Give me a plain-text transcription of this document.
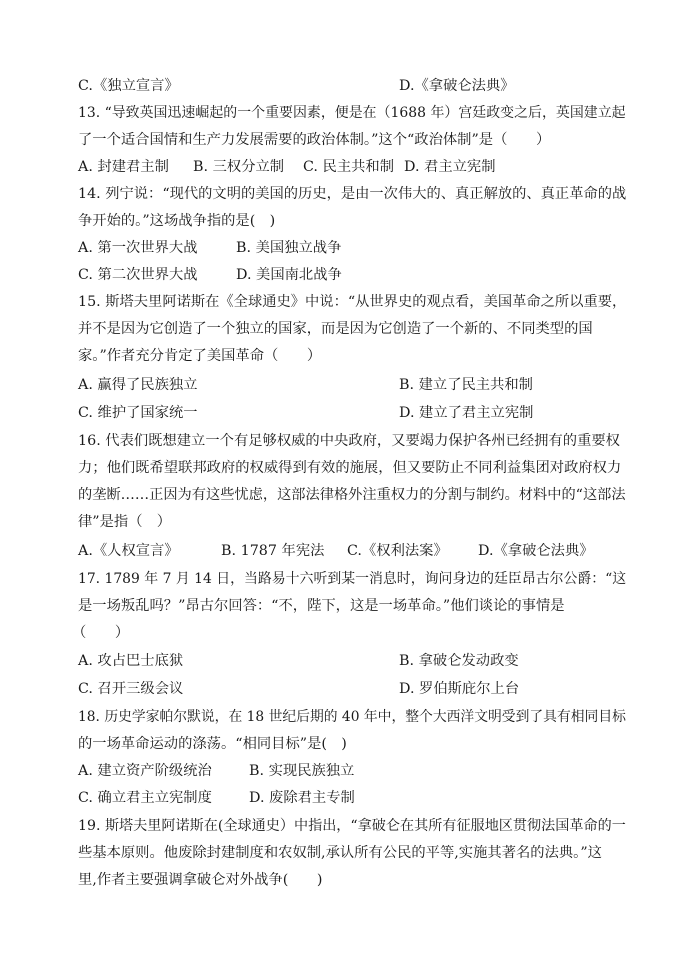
C.《独立宣言》	D.《拿破仑法典》
13. “导致英国迅速崛起的一个重要因素，便是在（1688 年）宫廷政变之后，英国建立起
了一个适合国情和生产力发展需要的政治体制。”这个“政治体制”是（　　）
A. 封建君主制 B. 三权分立制 C. 民主共和制 D. 君主立宪制
14. 列宁说：“现代的文明的美国的历史，是由一次伟大的、真正解放的、真正革命的战
争开始的。”这场战争指的是(　)
A. 第一次世界大战	B. 美国独立战争
C. 第二次世界大战	D. 美国南北战争
15. 斯塔夫里阿诺斯在《全球通史》中说：“从世界史的观点看，美国革命之所以重要，
并不是因为它创造了一个独立的国家，而是因为它创造了一个新的、不同类型的国
家。”作者充分肯定了美国革命（　　）
A. 赢得了民族独立	B. 建立了民主共和制
C. 维护了国家统一	D. 建立了君主立宪制
16. 代表们既想建立一个有足够权威的中央政府，又要竭力保护各州已经拥有的重要权
力；他们既希望联邦政府的权威得到有效的施展，但又要防止不同利益集团对政府权力
的垄断……正因为有这些忧虑，这部法律格外注重权力的分割与制约。材料中的“这部法
律”是指（　）
A.《人权宣言》	B. 1787 年宪法 C.《权利法案》 D.《拿破仑法典》
17. 1789 年 7 月 14 日，当路易十六听到某一消息时，询问身边的廷臣昂古尔公爵：“这
是一场叛乱吗？”昂古尔回答：“不，陛下，这是一场革命。”他们谈论的事情是
（　　）
A. 攻占巴士底狱	B. 拿破仑发动政变
C. 召开三级会议	D. 罗伯斯庇尔上台
18. 历史学家帕尔默说，在 18 世纪后期的 40 年中，整个大西洋文明受到了具有相同目标
的一场革命运动的涤荡。“相同目标”是(　)
A. 建立资产阶级统治	B. 实现民族独立
C. 确立君主立宪制度	D. 废除君主专制
19. 斯塔夫里阿诺斯在(全球通史）中指出，“拿破仑在其所有征服地区贯彻法国革命的一
些基本原则。他废除封建制度和农奴制,承认所有公民的平等,实施其著名的法典。”这
里,作者主要强调拿破仑对外战争(　　)
